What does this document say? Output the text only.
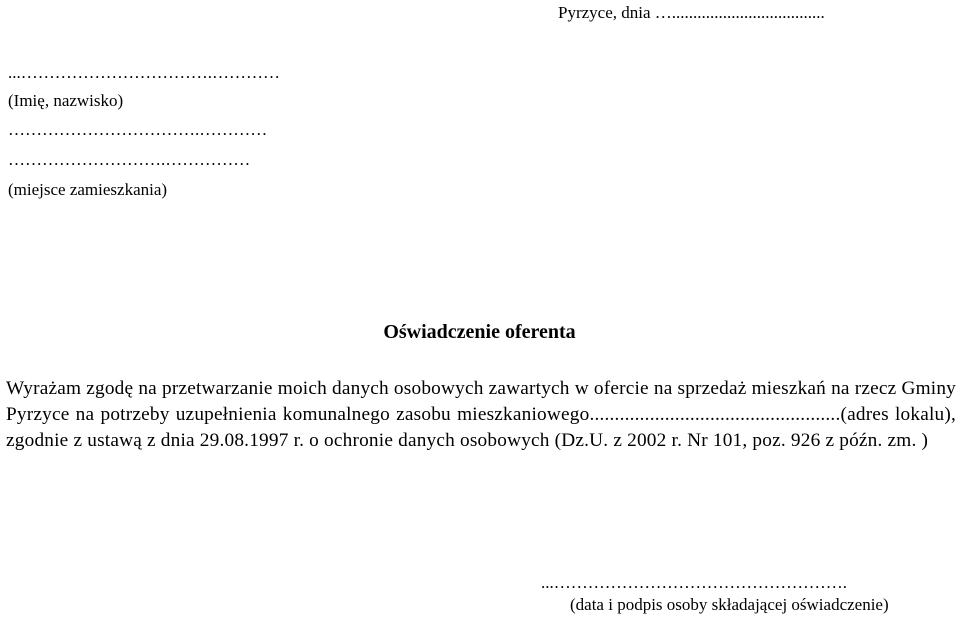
Pyrzyce, dnia …....................................
...…………………………….…………
(Imię, nazwisko)
…………………………….…………
……………………….……………
(miejsce zamieszkania)
Oświadczenie oferenta
Wyrażam zgodę na przetwarzanie moich danych osobowych zawartych w ofercie na sprzedaż mieszkań na rzecz Gminy Pyrzyce na potrzeby uzupełnienia komunalnego zasobu mieszkaniowego..................................................(adres lokalu), zgodnie z ustawą z dnia 29.08.1997 r. o ochronie danych osobowych (Dz.U. z 2002 r. Nr 101, poz. 926 z późn. zm. )
...…………………………………………….
(data i podpis osoby składającej oświadczenie)
